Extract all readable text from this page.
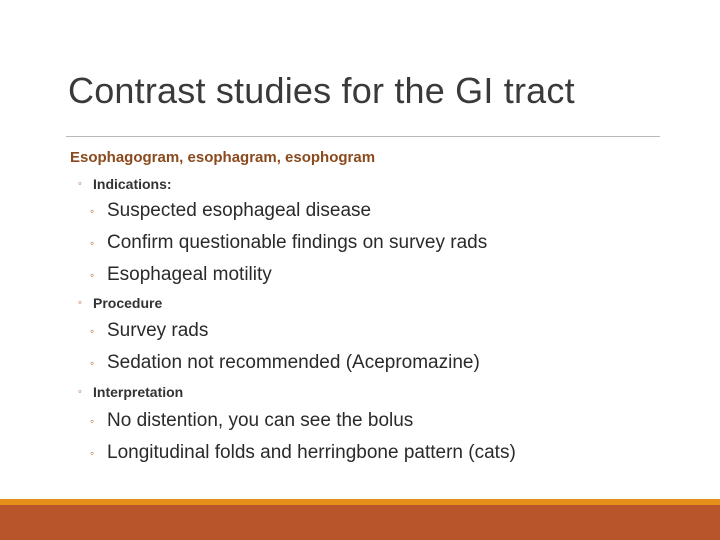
Contrast studies for the GI tract
Esophagogram, esophagram, esophogram
◦ Indications:
◦ Suspected esophageal disease
◦ Confirm questionable findings on survey rads
◦ Esophageal motility
◦ Procedure
◦ Survey rads
◦ Sedation not recommended (Acepromazine)
◦ Interpretation
◦ No distention, you can see the bolus
◦ Longitudinal folds and herringbone pattern (cats)
